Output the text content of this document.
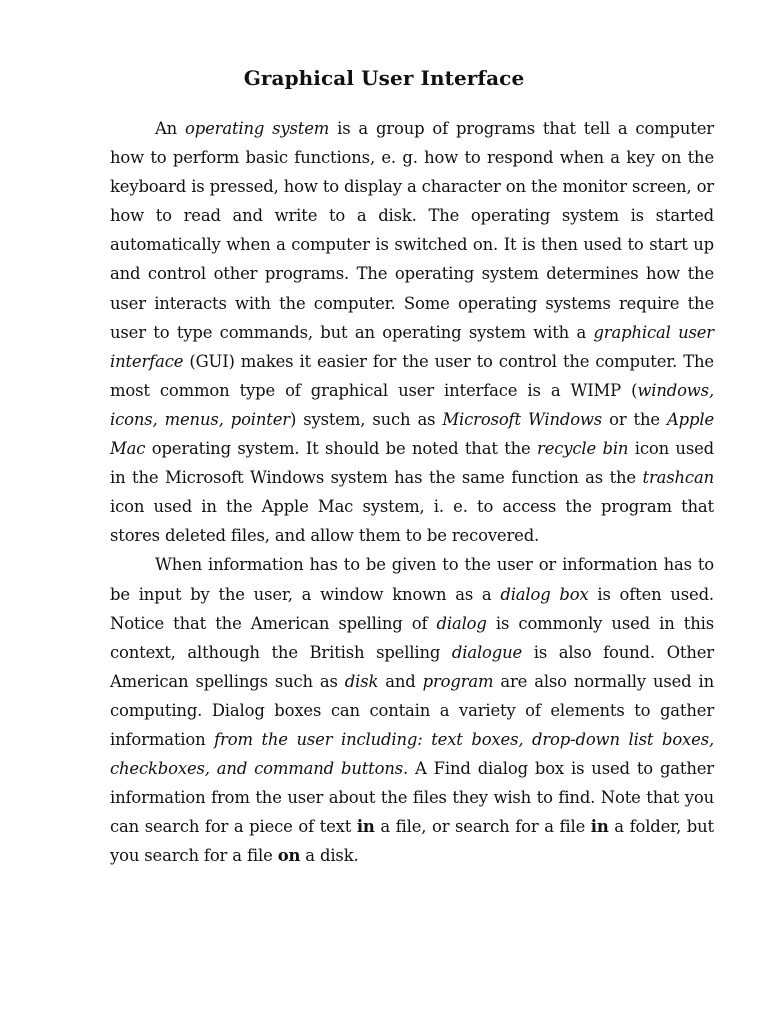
Graphical User Interface

An operating system is a group of programs that tell a computer how to perform basic functions, e. g. how to respond when a key on the keyboard is pressed, how to display a character on the monitor screen, or how to read and write to a disk. The operating system is started automatically when a computer is switched on. It is then used to start up and control other programs. The operating system determines how the user interacts with the computer. Some operating systems require the user to type commands, but an operating system with a graphical user interface (GUI) makes it easier for the user to control the computer. The most common type of graphical user interface is a WIMP (windows, icons, menus, pointer) system, such as Microsoft Windows or the Apple Mac operating system. It should be noted that the recycle bin icon used in the Microsoft Windows system has the same function as the trashcan icon used in the Apple Mac system, i. e. to access the program that stores deleted files, and allow them to be recovered.

When information has to be given to the user or information has to be input by the user, a window known as a dialog box is often used. Notice that the American spelling of dialog is commonly used in this context, although the British spelling dialogue is also found. Other American spellings such as disk and program are also normally used in computing. Dialog boxes can contain a variety of elements to gather information from the user including: text boxes, drop-down list boxes, checkboxes, and command buttons. A Find dialog box is used to gather information from the user about the files they wish to find. Note that you can search for a piece of text in a file, or search for a file in a folder, but you search for a file on a disk.
